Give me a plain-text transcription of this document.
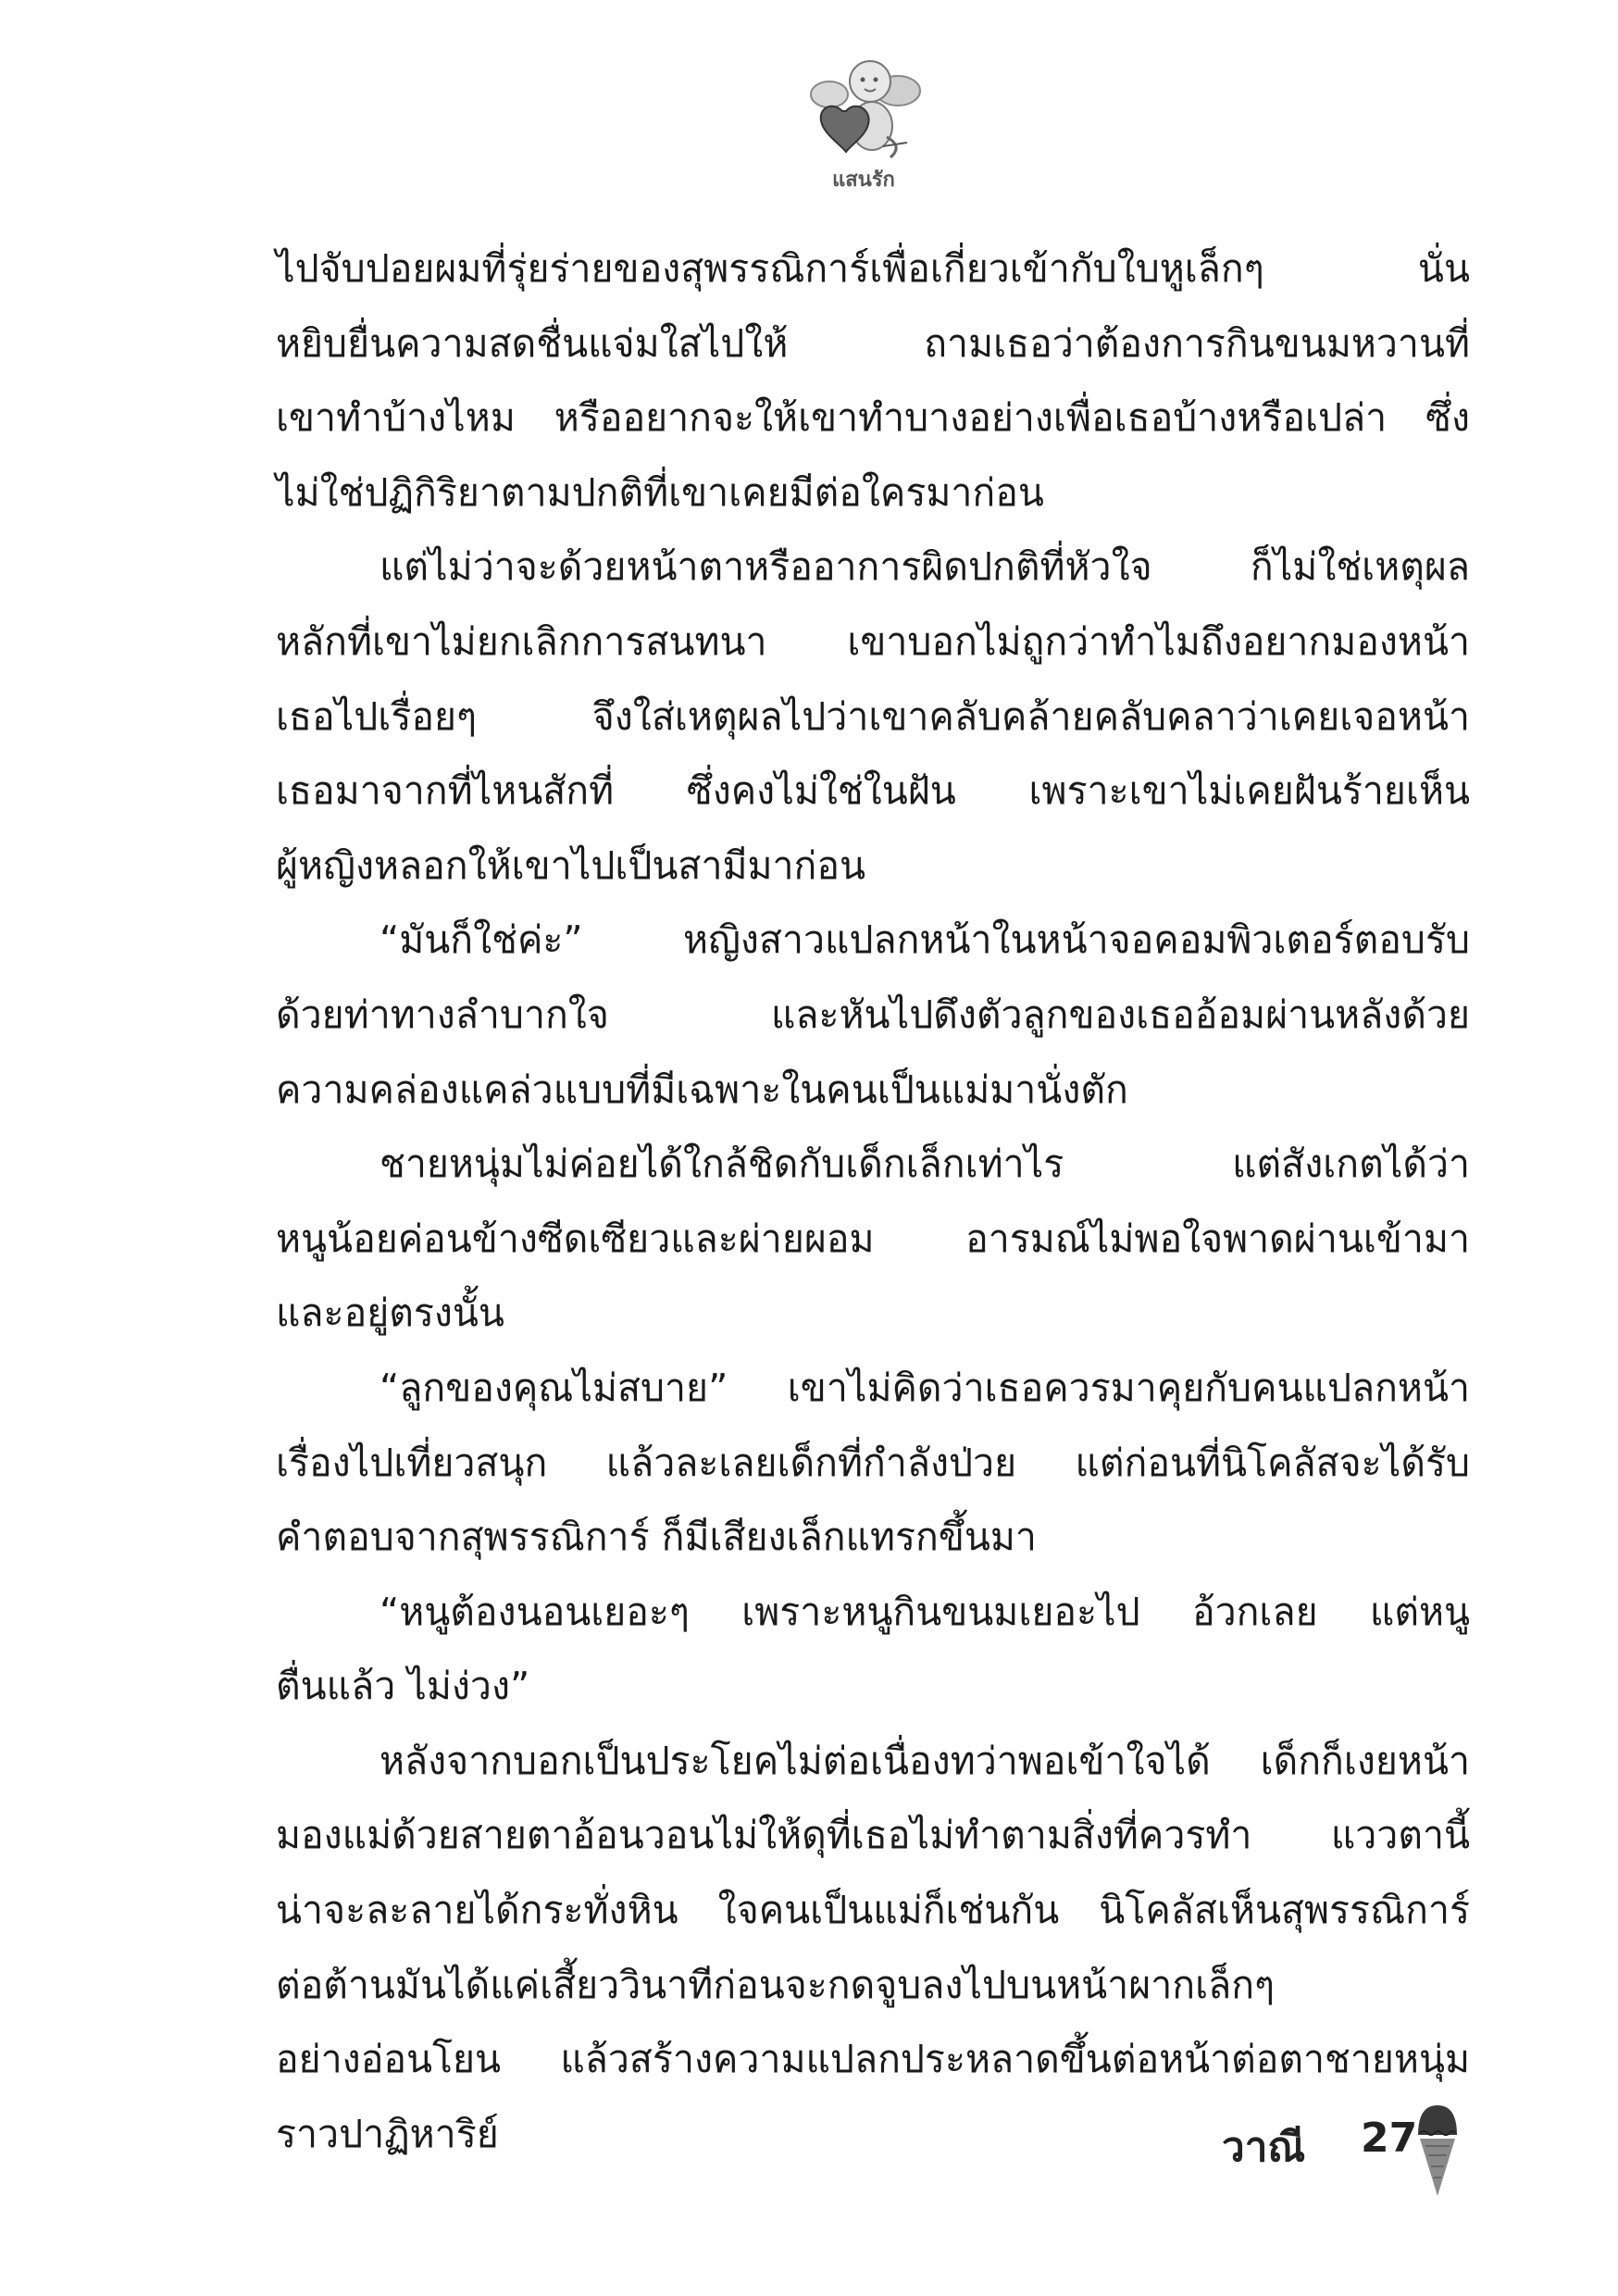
แสนรัก
ไปจับปอยผมที่รุ่ยร่ายของสุพรรณิการ์เพื่อเกี่ยวเข้ากับใบหูเล็กๆ นั่น
หยิบยื่นความสดชื่นแจ่มใสไปให้ ถามเธอว่าต้องการกินขนมหวานที่
เขาทำบ้างไหม หรืออยากจะให้เขาทำบางอย่างเพื่อเธอบ้างหรือเปล่า ซึ่ง
ไม่ใช่ปฏิกิริยาตามปกติที่เขาเคยมีต่อใครมาก่อน
แต่ไม่ว่าจะด้วยหน้าตาหรืออาการผิดปกติที่หัวใจ ก็ไม่ใช่เหตุผล
หลักที่เขาไม่ยกเลิกการสนทนา เขาบอกไม่ถูกว่าทำไมถึงอยากมองหน้า
เธอไปเรื่อยๆ จึงใส่เหตุผลไปว่าเขาคลับคล้ายคลับคลาว่าเคยเจอหน้า
เธอมาจากที่ไหนสักที่ ซึ่งคงไม่ใช่ในฝัน เพราะเขาไม่เคยฝันร้ายเห็น
ผู้หญิงหลอกให้เขาไปเป็นสามีมาก่อน
“มันก็ใช่ค่ะ” หญิงสาวแปลกหน้าในหน้าจอคอมพิวเตอร์ตอบรับ
ด้วยท่าทางลำบากใจ และหันไปดึงตัวลูกของเธออ้อมผ่านหลังด้วย
ความคล่องแคล่วแบบที่มีเฉพาะในคนเป็นแม่มานั่งตัก
ชายหนุ่มไม่ค่อยได้ใกล้ชิดกับเด็กเล็กเท่าไร แต่สังเกตได้ว่า
หนูน้อยค่อนข้างซีดเซียวและผ่ายผอม อารมณ์ไม่พอใจพาดผ่านเข้ามา
และอยู่ตรงนั้น
“ลูกของคุณไม่สบาย” เขาไม่คิดว่าเธอควรมาคุยกับคนแปลกหน้า
เรื่องไปเที่ยวสนุก แล้วละเลยเด็กที่กำลังป่วย แต่ก่อนที่นิโคลัสจะได้รับ
คำตอบจากสุพรรณิการ์ ก็มีเสียงเล็กแทรกขึ้นมา
“หนูต้องนอนเยอะๆ เพราะหนูกินขนมเยอะไป อ้วกเลย แต่หนู
ตื่นแล้ว ไม่ง่วง”
หลังจากบอกเป็นประโยคไม่ต่อเนื่องทว่าพอเข้าใจได้ เด็กก็เงยหน้า
มองแม่ด้วยสายตาอ้อนวอนไม่ให้ดุที่เธอไม่ทำตามสิ่งที่ควรทำ แววตานี้
น่าจะละลายได้กระทั่งหิน ใจคนเป็นแม่ก็เช่นกัน นิโคลัสเห็นสุพรรณิการ์
ต่อต้านมันได้แค่เสี้ยววินาทีก่อนจะกดจูบลงไปบนหน้าผากเล็กๆ
อย่างอ่อนโยน แล้วสร้างความแปลกประหลาดขึ้นต่อหน้าต่อตาชายหนุ่ม
ราวปาฏิหาริย์	วาณี 27
